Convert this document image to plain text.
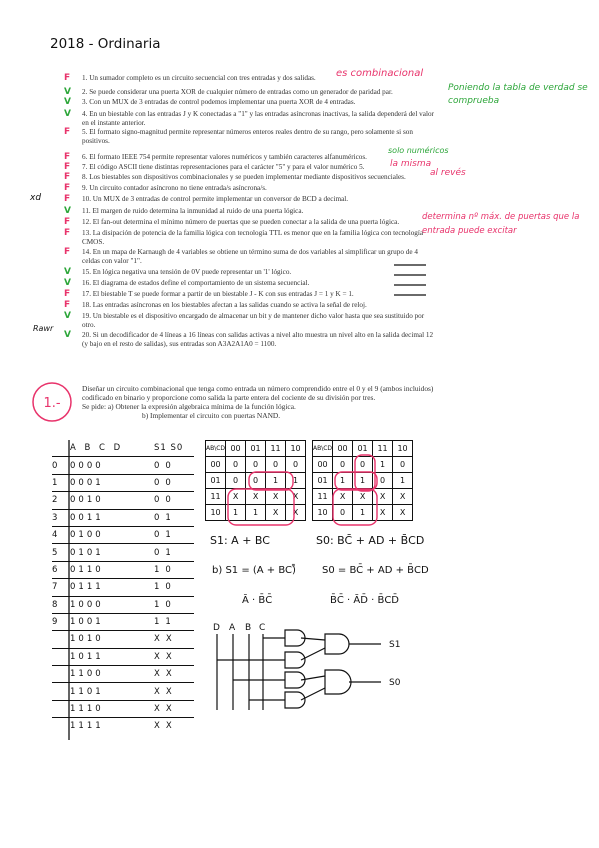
2018 - Ordinaria
F 1. Un sumador completo es un circuito secuencial con tres entradas y dos salidas.
V 2. Se puede considerar una puerta XOR de cualquier número de entradas como un generador de paridad par.
V 3. Con un MUX de 3 entradas de control podemos implementar una puerta XOR de 4 entradas.
V 4. En un biestable con las entradas J y K conectadas a "1" y las entradas asíncronas inactivas, la salida dependerá del valor en el instante anterior.
F 5. El formato signo-magnitud permite representar números enteros reales dentro de su rango, pero solamente si son positivos.
F 6. El formato IEEE 754 permite representar valores numéricos y también caracteres alfanuméricos.
F 7. El código ASCII tiene distintas representaciones para el carácter "5" y para el valor numérico 5.
F 8. Los biestables son dispositivos combinacionales y se pueden implementar mediante dispositivos secuenciales.
F 9. Un circuito contador asíncrono no tiene entrada/s asíncrona/s.
F 10. Un MUX de 3 entradas de control permite implementar un conversor de BCD a decimal.
V 11. El margen de ruido determina la inmunidad al ruido de una puerta lógica.
F 12. El fan-out determina el mínimo número de puertas que se pueden conectar a la salida de una puerta lógica.
F 13. La disipación de potencia de la familia lógica con tecnología TTL es menor que en la familia lógica con tecnología CMOS.
F 14. En un mapa de Karnaugh de 4 variables se obtiene un término suma de dos variables al simplificar un grupo de 4 celdas con valor "1".
V 15. En lógica negativa una tensión de 0V puede representar un '1' lógico.
V 16. El diagrama de estados define el comportamiento de un sistema secuencial.
F 17. El biestable T se puede formar a partir de un biestable J - K con sus entradas J = 1 y K = 1.
F 18. Las entradas asíncronas en los biestables afectan a las salidas cuando se activa la señal de reloj.
V 19. Un biestable es el dispositivo encargado de almacenar un bit y de mantener dicho valor hasta que sea sustituido por otro.
V 20. Si un decodificador de 4 líneas a 16 líneas con salidas activas a nivel alto muestra un nivel alto en la salida decimal 12 (y bajo en el resto de salidas), sus entradas son A3A2A1A0 = 1100.
es combinacional
Poniendo la tabla de verdad se comprueba
solo numéricos
la misma
al revés
xd
determina nº máx. de puertas que la entrada puede excitar
Rawr
1.-

Diseñar un circuito combinacional que tenga como entrada un número comprendido entre el 0 y el 9 (ambos incluidos) codificado en binario y proporcione como salida la parte entera del cociente de su división por tres.

Se pide: a) Obtener la expresión algebraica mínima de la función lógica.

b) Implementar el circuito con puertas NAND.

A B C D	S1 S0
0	0000	00
1	0001	00
2	0010	00
3	0011	01
4	0100	01
5	0101	01
6	0110	10
7	0111	10
8	1000	10
9	1001	11
1010	XX
1011	XX
1100	XX
1101	XX
1110	XX
1111	XX
AB\CD	00	01	11	10
00	0	0	0	0
01	0	0	1	1
11	X	X	X	X
10	1	1	X	X
AB\CD	00	01	11	10
00	0	0	1	0
01	1	1	0	1
11	X	X	X	X
10	0	1	X	X
S1: A + BC	S0: BC̄ + AD + B̄CD
b) S1 = (A + BC)̄̄
Ā · B̄C̄
S0 = BC̄ + AD + B̄CD
B̄C̄ · ĀD̄ · B̄CD̄
S1
S0
D A B C
